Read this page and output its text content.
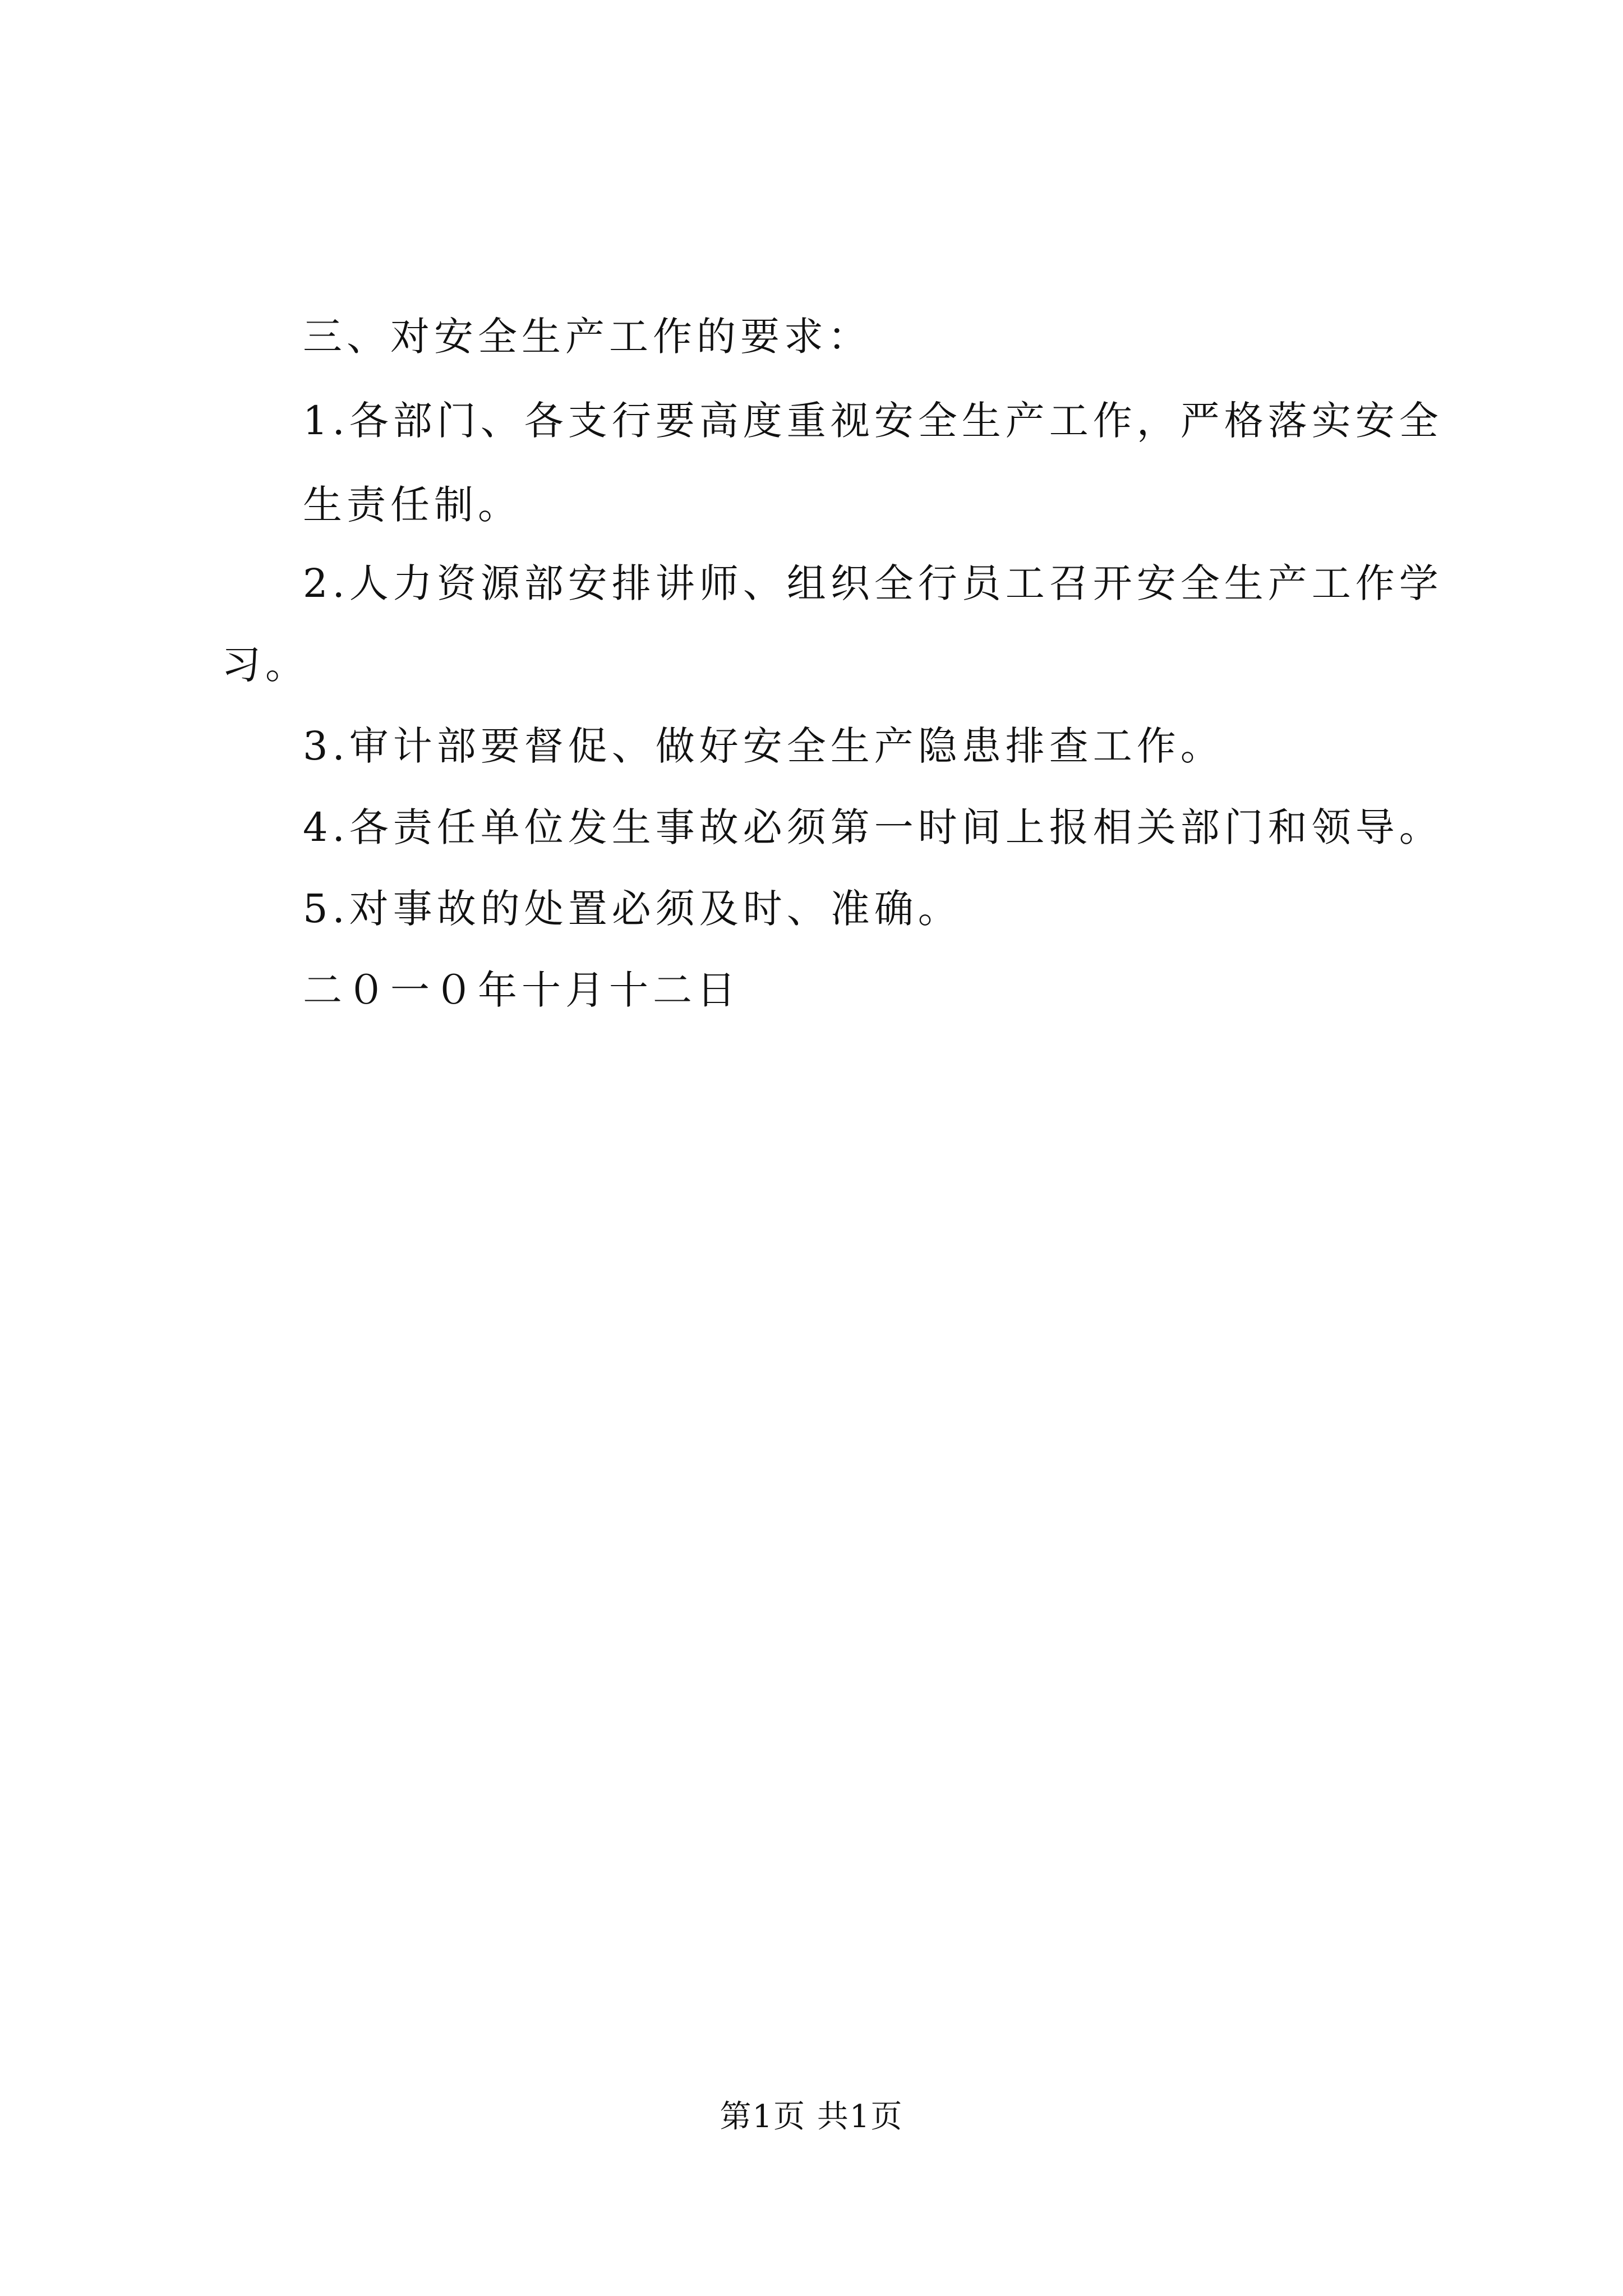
三、对安全生产工作的要求：
1.各部门、各支行要高度重视安全生产工作，严格落实安全
生责任制。
2.人力资源部安排讲师、组织全行员工召开安全生产工作学
习。
3.审计部要督促、做好安全生产隐患排查工作。
4.各责任单位发生事故必须第一时间上报相关部门和领导。
5.对事故的处置必须及时、准确。
二０一０年十月十二日
第1页 共1页
